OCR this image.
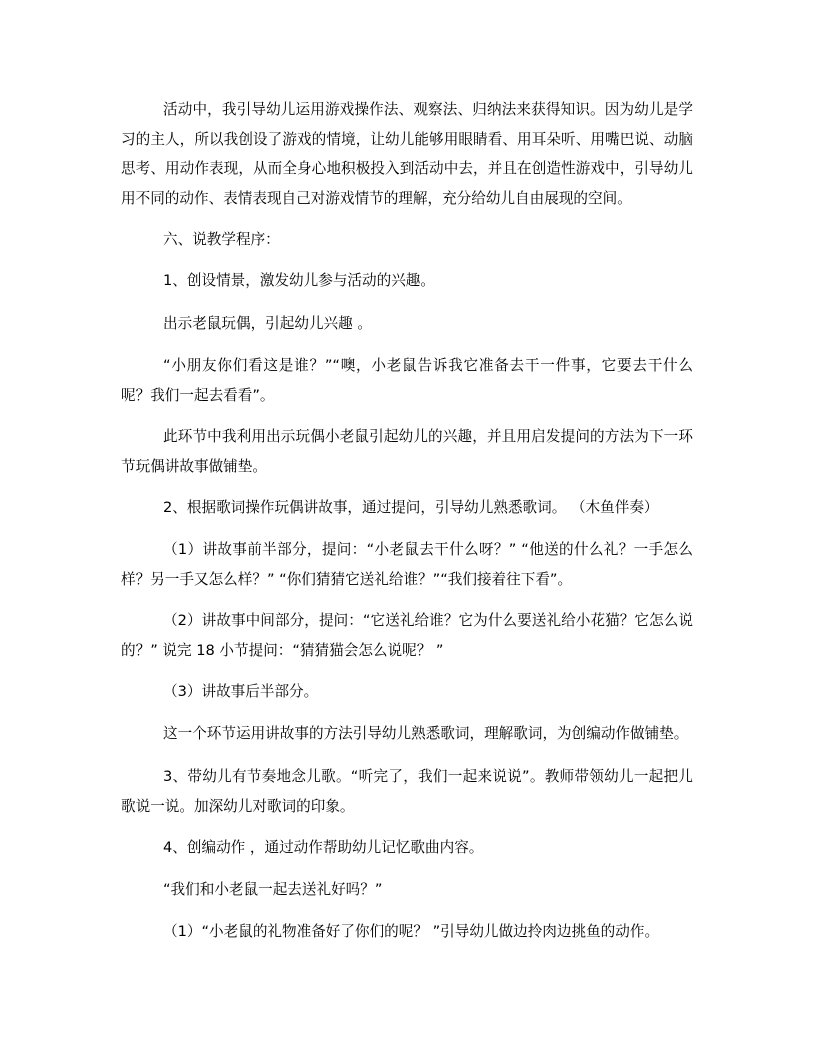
活动中，我引导幼儿运用游戏操作法、观察法、归纳法来获得知识。因为幼儿是学习的主人，所以我创设了游戏的情境，让幼儿能够用眼睛看、用耳朵听、用嘴巴说、动脑思考、用动作表现，从而全身心地积极投入到活动中去，并且在创造性游戏中，引导幼儿用不同的动作、表情表现自己对游戏情节的理解，充分给幼儿自由展现的空间。

六、说教学程序：

1、创设情景，激发幼儿参与活动的兴趣。

出示老鼠玩偶，引起幼儿兴趣 。

“小朋友你们看这是谁？”“噢，小老鼠告诉我它准备去干一件事，它要去干什么呢？我们一起去看看”。

此环节中我利用出示玩偶小老鼠引起幼儿的兴趣，并且用启发提问的方法为下一环节玩偶讲故事做铺垫。

2、根据歌词操作玩偶讲故事，通过提问，引导幼儿熟悉歌词。 （木鱼伴奏）

（1）讲故事前半部分，提问：“小老鼠去干什么呀？” “他送的什么礼？一手怎么样？另一手又怎么样？” “你们猜猜它送礼给谁？”“我们接着往下看”。

（2）讲故事中间部分，提问：“它送礼给谁？它为什么要送礼给小花猫？它怎么说的？” 说完 18 小节提问：“猜猜猫会怎么说呢？ ”

（3）讲故事后半部分。

这一个环节运用讲故事的方法引导幼儿熟悉歌词，理解歌词，为创编动作做铺垫。

3、带幼儿有节奏地念儿歌。“听完了，我们一起来说说”。教师带领幼儿一起把儿歌说一说。加深幼儿对歌词的印象。

4、创编动作 ，通过动作帮助幼儿记忆歌曲内容。

“我们和小老鼠一起去送礼好吗？”

（1）“小老鼠的礼物准备好了你们的呢？ ”引导幼儿做边拎肉边挑鱼的动作。
